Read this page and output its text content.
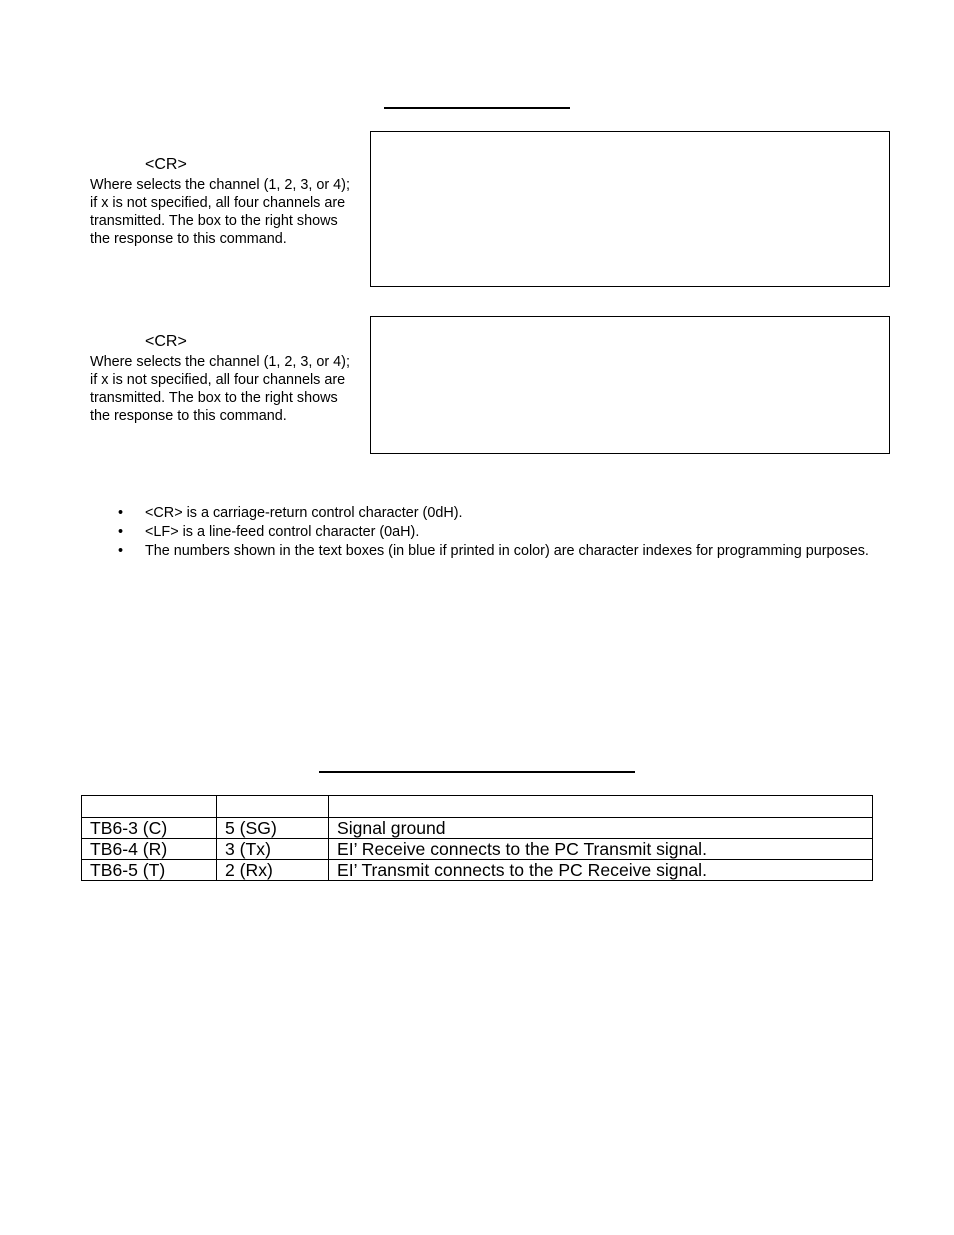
<CR>
Where selects the channel (1, 2, 3, or 4); if x is not specified, all four channels are transmitted. The box to the right shows the response to this command.
<CR>
Where selects the channel (1, 2, 3, or 4); if x is not specified, all four channels are transmitted. The box to the right shows the response to this command.
• <CR> is a carriage-return control character (0dH).
• <LF> is a line-feed control character (0aH).
• The numbers shown in the text boxes (in blue if printed in color) are character indexes for programming purposes.

TB6-3 (C)	5 (SG)	Signal ground
TB6-4 (R)	3 (Tx)	EI’ Receive connects to the PC Transmit signal.
TB6-5 (T)	2 (Rx)	EI’ Transmit connects to the PC Receive signal.
